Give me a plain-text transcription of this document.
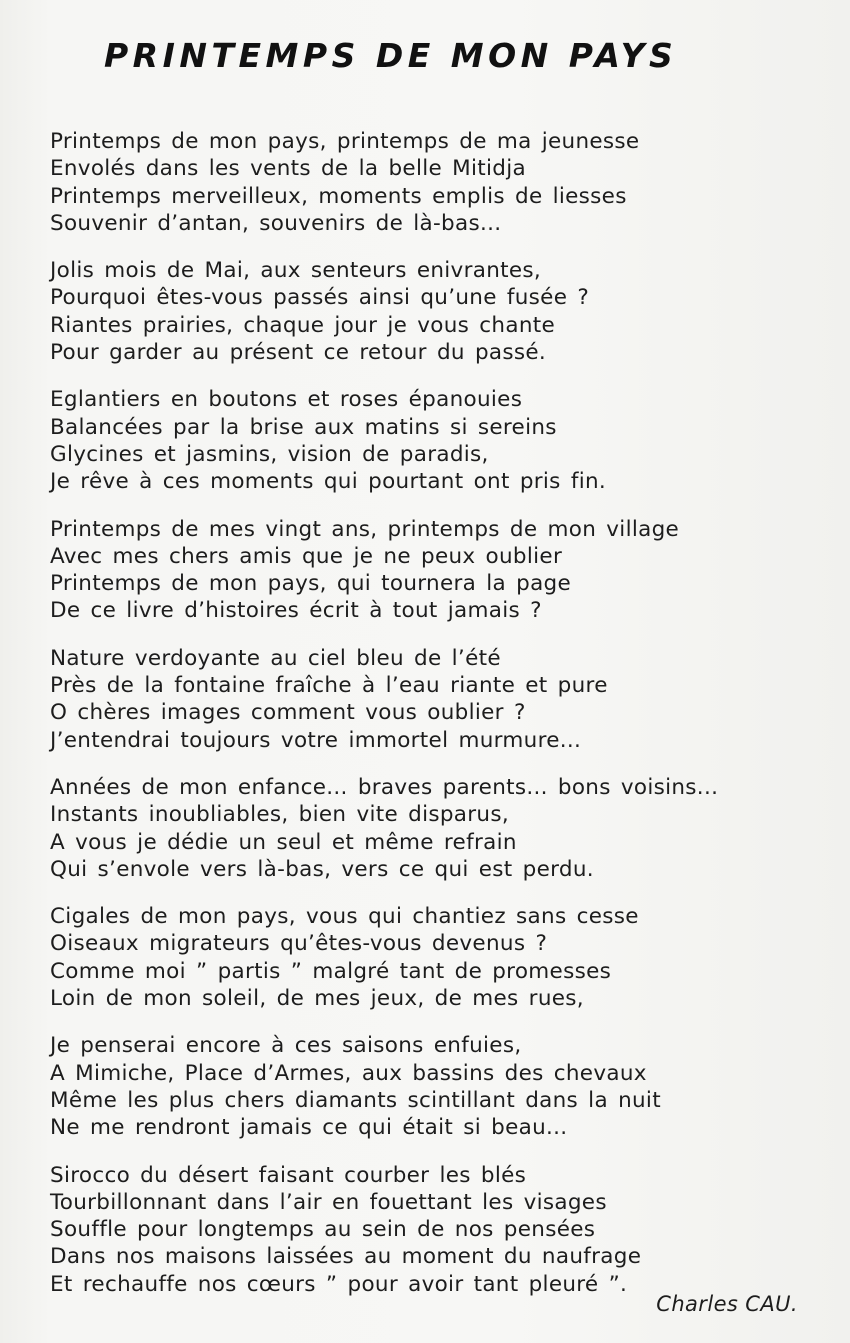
PRINTEMPS DE MON PAYS
Printemps de mon pays, printemps de ma jeunesse
Envolés dans les vents de la belle Mitidja
Printemps merveilleux, moments emplis de liesses
Souvenir d’antan, souvenirs de là-bas...
Jolis mois de Mai, aux senteurs enivrantes,
Pourquoi êtes-vous passés ainsi qu’une fusée ?
Riantes prairies, chaque jour je vous chante
Pour garder au présent ce retour du passé.
Eglantiers en boutons et roses épanouies
Balancées par la brise aux matins si sereins
Glycines et jasmins, vision de paradis,
Je rêve à ces moments qui pourtant ont pris fin.
Printemps de mes vingt ans, printemps de mon village
Avec mes chers amis que je ne peux oublier
Printemps de mon pays, qui tournera la page
De ce livre d’histoires écrit à tout jamais ?
Nature verdoyante au ciel bleu de l’été
Près de la fontaine fraîche à l’eau riante et pure
O chères images comment vous oublier ?
J’entendrai toujours votre immortel murmure...
Années de mon enfance... braves parents... bons voisins...
Instants inoubliables, bien vite disparus,
A vous je dédie un seul et même refrain
Qui s’envole vers là-bas, vers ce qui est perdu.
Cigales de mon pays, vous qui chantiez sans cesse
Oiseaux migrateurs qu’êtes-vous devenus ?
Comme moi ” partis ” malgré tant de promesses
Loin de mon soleil, de mes jeux, de mes rues,
Je penserai encore à ces saisons enfuies,
A Mimiche, Place d’Armes, aux bassins des chevaux
Même les plus chers diamants scintillant dans la nuit
Ne me rendront jamais ce qui était si beau...
Sirocco du désert faisant courber les blés
Tourbillonnant dans l’air en fouettant les visages
Souffle pour longtemps au sein de nos pensées
Dans nos maisons laissées au moment du naufrage
Et rechauffe nos cœurs ” pour avoir tant pleuré ”.
Charles CAU.
